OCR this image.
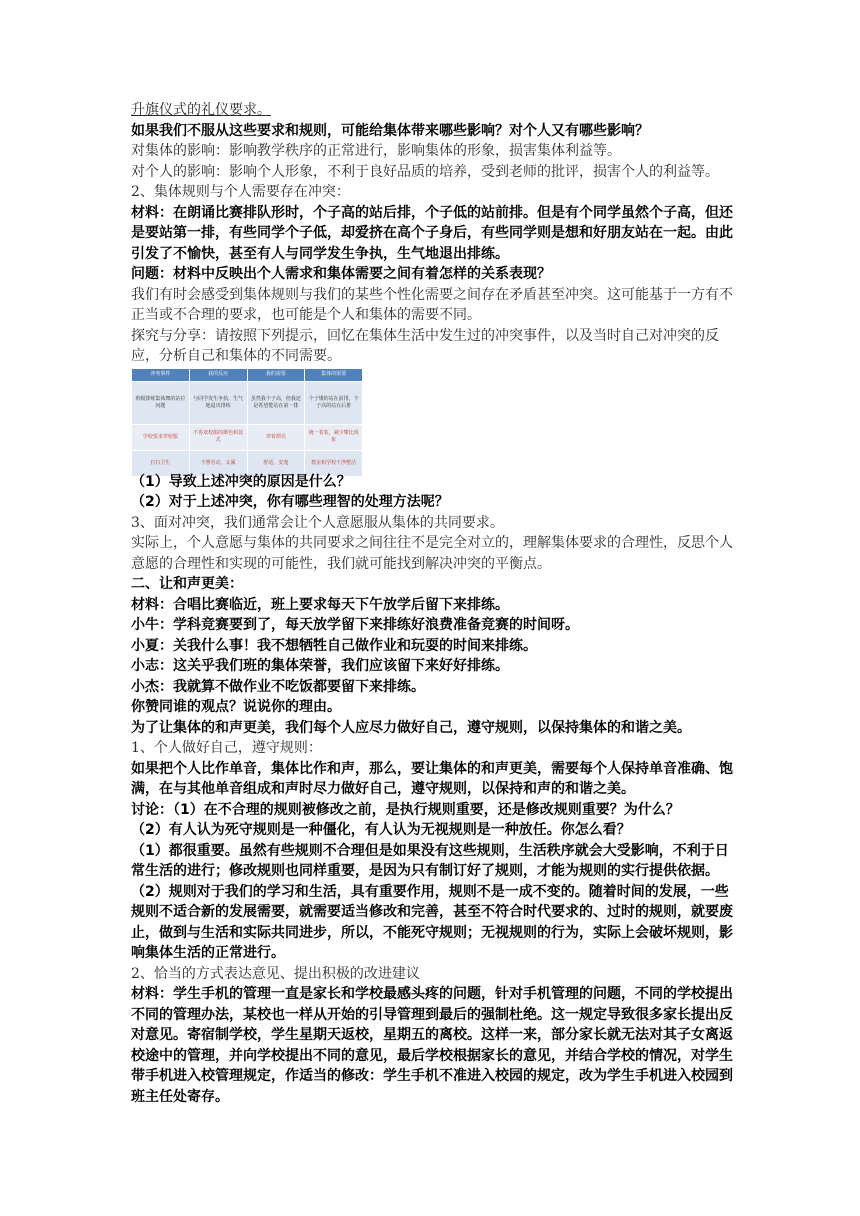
升旗仪式的礼仪要求。

如果我们不服从这些要求和规则，可能给集体带来哪些影响？对个人又有哪些影响？

对集体的影响：影响教学秩序的正常进行，影响集体的形象，损害集体利益等。

对个人的影响：影响个人形象，不利于良好品质的培养，受到老师的批评，损害个人的利益等。

2、集体规则与个人需要存在冲突：

材料：在朗诵比赛排队形时，个子高的站后排，个子低的站前排。但是有个同学虽然个子高，但还是要站第一排，有些同学个子低，却爱挤在高个子身后，有些同学则是想和好朋友站在一起。由此引发了不愉快，甚至有人与同学发生争执，生气地退出排练。

问题：材料中反映出个人需求和集体需要之间有着怎样的关系表现？

我们有时会感受到集体规则与我们的某些个性化需要之间存在矛盾甚至冲突。这可能基于一方有不正当或不合理的要求，也可能是个人和集体的需要不同。

探究与分享：请按照下列提示，回忆在集体生活中发生过的冲突事件，以及当时自己对冲突的反应，分析自己和集体的不同需要。

冲突事件	我的反应	我的需要	集体的需要
班级排练集体舞的站位问题	与同学发生争执，生气地退出排练	虽然我个子高，但我还是希望能站在第一排	个子矮的站在前排，个子高的站在后排
学校要求穿校服	不喜欢校服的颜色和款式	穿着漂亮	统一着装，减少攀比现象
打扫卫生	不想劳动，太累	舒适，安逸	教室和学校干净整洁

（1）导致上述冲突的原因是什么？

（2）对于上述冲突，你有哪些理智的处理方法呢？

3、面对冲突，我们通常会让个人意愿服从集体的共同要求。

实际上，个人意愿与集体的共同要求之间往往不是完全对立的，理解集体要求的合理性，反思个人意愿的合理性和实现的可能性，我们就可能找到解决冲突的平衡点。

二、让和声更美：

材料：合唱比赛临近，班上要求每天下午放学后留下来排练。

小牛：学科竞赛要到了，每天放学留下来排练好浪费准备竞赛的时间呀。

小夏：关我什么事！我不想牺牲自己做作业和玩耍的时间来排练。

小志：这关乎我们班的集体荣誉，我们应该留下来好好排练。

小杰：我就算不做作业不吃饭都要留下来排练。

你赞同谁的观点？说说你的理由。

为了让集体的和声更美，我们每个人应尽力做好自己，遵守规则，以保持集体的和谐之美。

1、个人做好自己，遵守规则：

如果把个人比作单音，集体比作和声，那么，要让集体的和声更美，需要每个人保持单音准确、饱满，在与其他单音组成和声时尽力做好自己，遵守规则，以保持和声的和谐之美。

讨论：（1）在不合理的规则被修改之前，是执行规则重要，还是修改规则重要？为什么？

（2）有人认为死守规则是一种僵化，有人认为无视规则是一种放任。你怎么看？

（1）都很重要。虽然有些规则不合理但是如果没有这些规则，生活秩序就会大受影响，不利于日常生活的进行；修改规则也同样重要，是因为只有制订好了规则，才能为规则的实行提供依据。

（2）规则对于我们的学习和生活，具有重要作用，规则不是一成不变的。随着时间的发展，一些规则不适合新的发展需要，就需要适当修改和完善，甚至不符合时代要求的、过时的规则，就要废止，做到与生活和实际共同进步，所以，不能死守规则；无视规则的行为，实际上会破坏规则，影响集体生活的正常进行。

2、恰当的方式表达意见、提出积极的改进建议

材料：学生手机的管理一直是家长和学校最感头疼的问题，针对手机管理的问题，不同的学校提出不同的管理办法，某校也一样从开始的引导管理到最后的强制杜绝。这一规定导致很多家长提出反对意见。寄宿制学校，学生星期天返校，星期五的离校。这样一来，部分家长就无法对其子女离返校途中的管理，并向学校提出不同的意见，最后学校根据家长的意见，并结合学校的情况，对学生带手机进入校管理规定，作适当的修改：学生手机不准进入校园的规定，改为学生手机进入校园到班主任处寄存。
